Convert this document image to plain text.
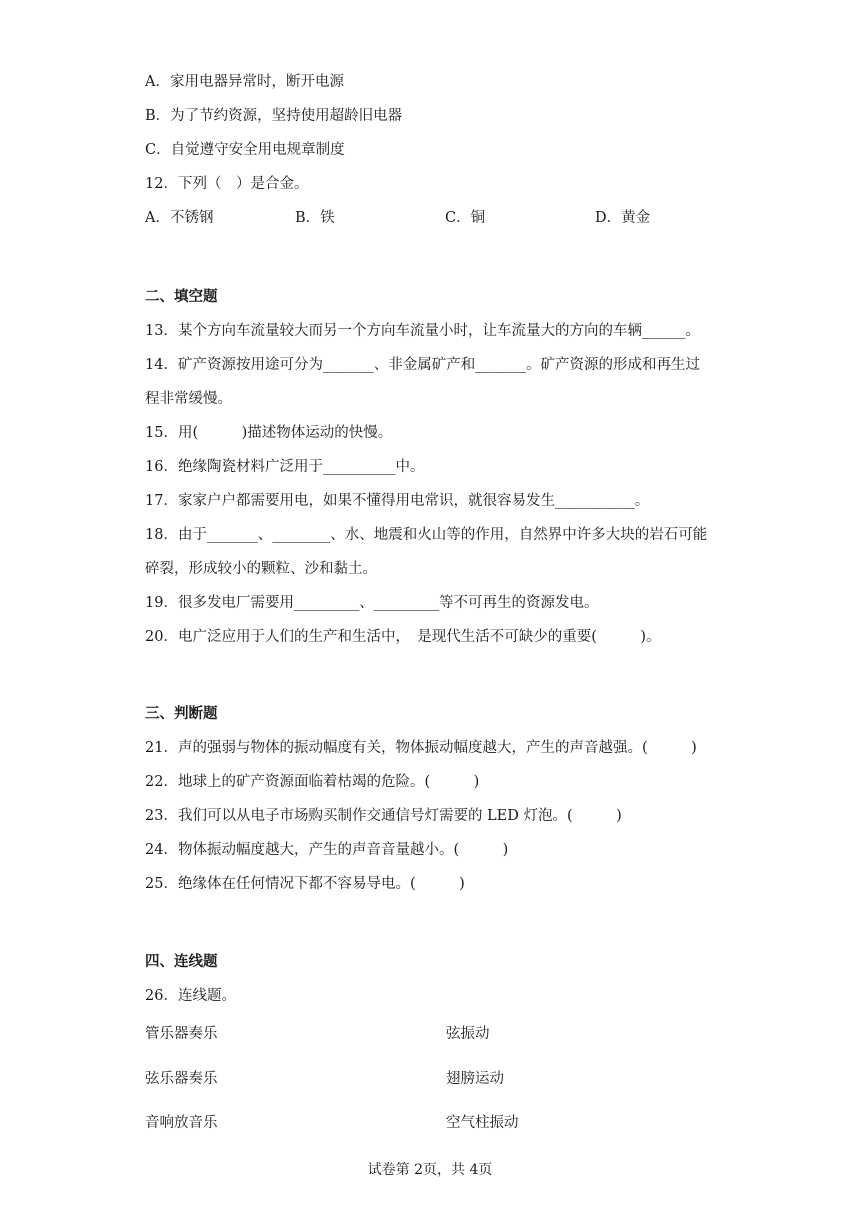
A．家用电器异常时，断开电源
B．为了节约资源，坚持使用超龄旧电器
C．自觉遵守安全用电规章制度
12．下列（　）是合金。
A．不锈钢	B．铁	C．铜	D．黄金
二、填空题
13．某个方向车流量较大而另一个方向车流量小时，让车流量大的方向的车辆______。
14．矿产资源按用途可分为_______、非金属矿产和_______。矿产资源的形成和再生过
程非常缓慢。
15．用(　　　)描述物体运动的快慢。
16．绝缘陶瓷材料广泛用于__________中。
17．家家户户都需要用电，如果不懂得用电常识，就很容易发生___________。
18．由于_______、________、水、地震和火山等的作用，自然界中许多大块的岩石可能
碎裂，形成较小的颗粒、沙和黏土。
19．很多发电厂需要用_________、_________等不可再生的资源发电。
20．电广泛应用于人们的生产和生活中，　是现代生活不可缺少的重要(　　　)。
三、判断题
21．声的强弱与物体的振动幅度有关，物体振动幅度越大，产生的声音越强。(　　　)
22．地球上的矿产资源面临着枯竭的危险。(　　　)
23．我们可以从电子市场购买制作交通信号灯需要的 LED 灯泡。(　　　)
24．物体振动幅度越大，产生的声音音量越小。(　　　)
25．绝缘体在任何情况下都不容易导电。(　　　)
四、连线题
26．连线题。
管乐器奏乐	弦振动
弦乐器奏乐	翅膀运动
音响放音乐	空气柱振动
试卷第 2页，共 4页
